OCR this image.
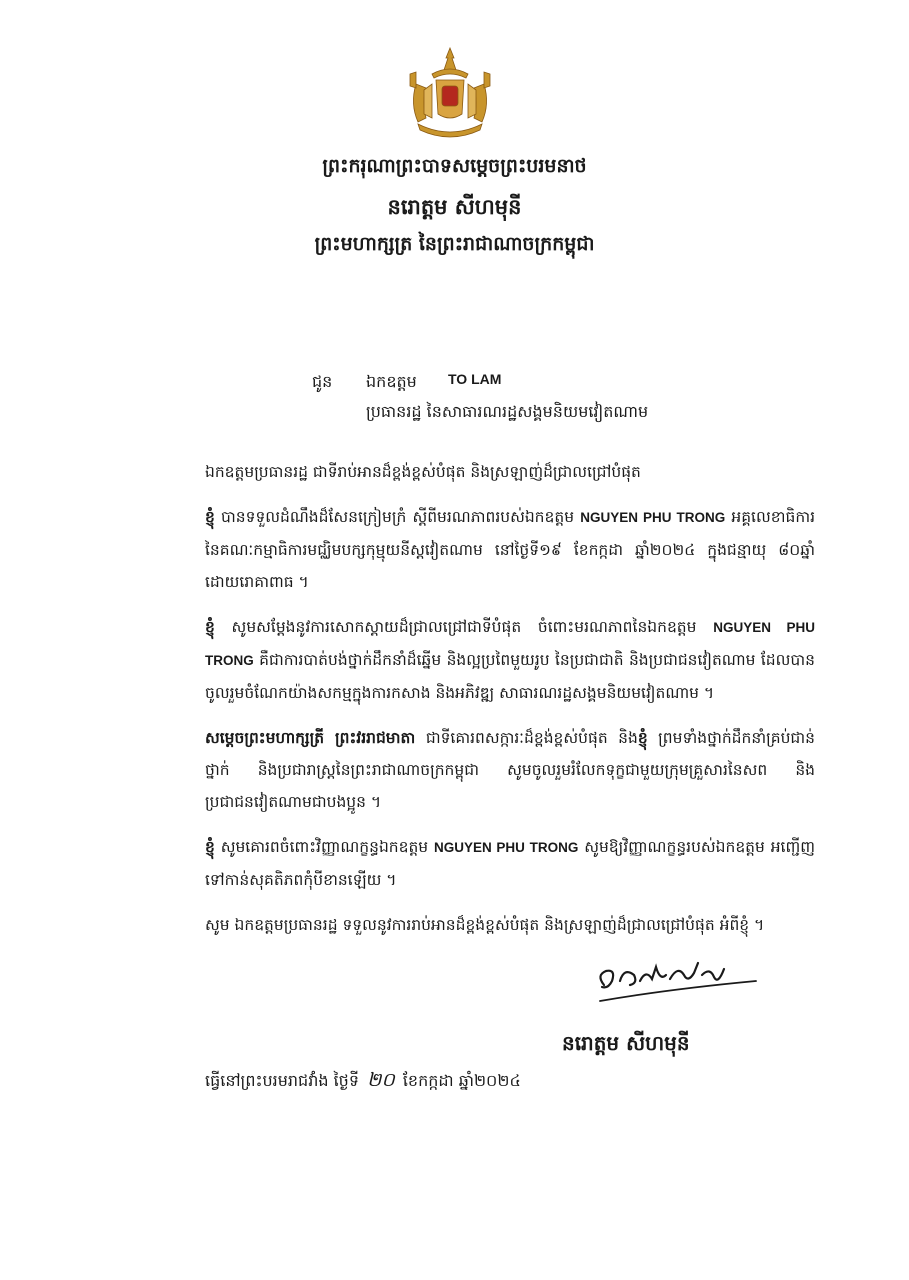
ព្រះករុណាព្រះបាទសម្ដេចព្រះបរមនាថ
នរោត្តម សីហមុនី
ព្រះមហាក្សត្រ នៃព្រះរាជាណាចក្រកម្ពុជា
ជូន ឯកឧត្តម TO LAM
ប្រធានរដ្ឋ នៃសាធារណរដ្ឋសង្គមនិយមវៀតណាម

ឯកឧត្តមប្រធានរដ្ឋ ជាទីរាប់អានដ៏ខ្ពង់ខ្ពស់បំផុត និងស្រឡាញ់ដ៏ជ្រាលជ្រៅបំផុត

ខ្ញុំ បានទទួលដំណឹងដ៏សែនក្រៀមក្រំ ស្តីពីមរណភាពរបស់ឯកឧត្តម NGUYEN PHU TRONG អគ្គលេខាធិការ នៃគណៈកម្មាធិការមជ្ឈិមបក្សកុម្មុយនីស្តវៀតណាម នៅថ្ងៃទី១៩ ខែកក្កដា ឆ្នាំ២០២៤ ក្នុងជន្មាយុ ៨០ឆ្នាំ ដោយរោគាពាធ ។

ខ្ញុំ សូមសម្តែងនូវការសោកស្តាយដ៏ជ្រាលជ្រៅជាទីបំផុត ចំពោះមរណភាពនៃឯកឧត្តម NGUYEN PHU TRONG គឺជាការបាត់បង់ថ្នាក់ដឹកនាំដ៏ឆ្នើម និងល្អប្រពៃមួយរូប នៃប្រជាជាតិ និងប្រជាជនវៀតណាម ដែលបានចូលរួមចំណែកយ៉ាងសកម្មក្នុងការកសាង និងអភិវឌ្ឍ សាធារណរដ្ឋសង្គមនិយមវៀតណាម ។

សម្តេចព្រះមហាក្សត្រី ព្រះវររាជមាតា ជាទីគោរពសក្ការៈដ៏ខ្ពង់ខ្ពស់បំផុត និងខ្ញុំ ព្រមទាំងថ្នាក់ដឹកនាំគ្រប់ជាន់ថ្នាក់ និងប្រជារាស្ត្រនៃព្រះរាជាណាចក្រកម្ពុជា សូមចូលរួមរំលែកទុក្ខជាមួយក្រុមគ្រួសារនៃសព និងប្រជាជនវៀតណាមជាបងប្អូន ។

ខ្ញុំ សូមគោរពចំពោះវិញ្ញាណក្ខន្ធឯកឧត្តម NGUYEN PHU TRONG សូមឱ្យវិញ្ញាណក្ខន្ធរបស់ឯកឧត្តម អញ្ជើញទៅកាន់សុគតិភពកុំបីខានឡើយ ។

សូម ឯកឧត្តមប្រធានរដ្ឋ ទទួលនូវការរាប់អានដ៏ខ្ពង់ខ្ពស់បំផុត និងស្រឡាញ់ដ៏ជ្រាលជ្រៅបំផុត អំពីខ្ញុំ ។

នរោត្តម សីហមុនី
ធ្វើនៅព្រះបរមរាជវាំង ថ្ងៃទី ២០ ខែកក្កដា ឆ្នាំ២០២៤
